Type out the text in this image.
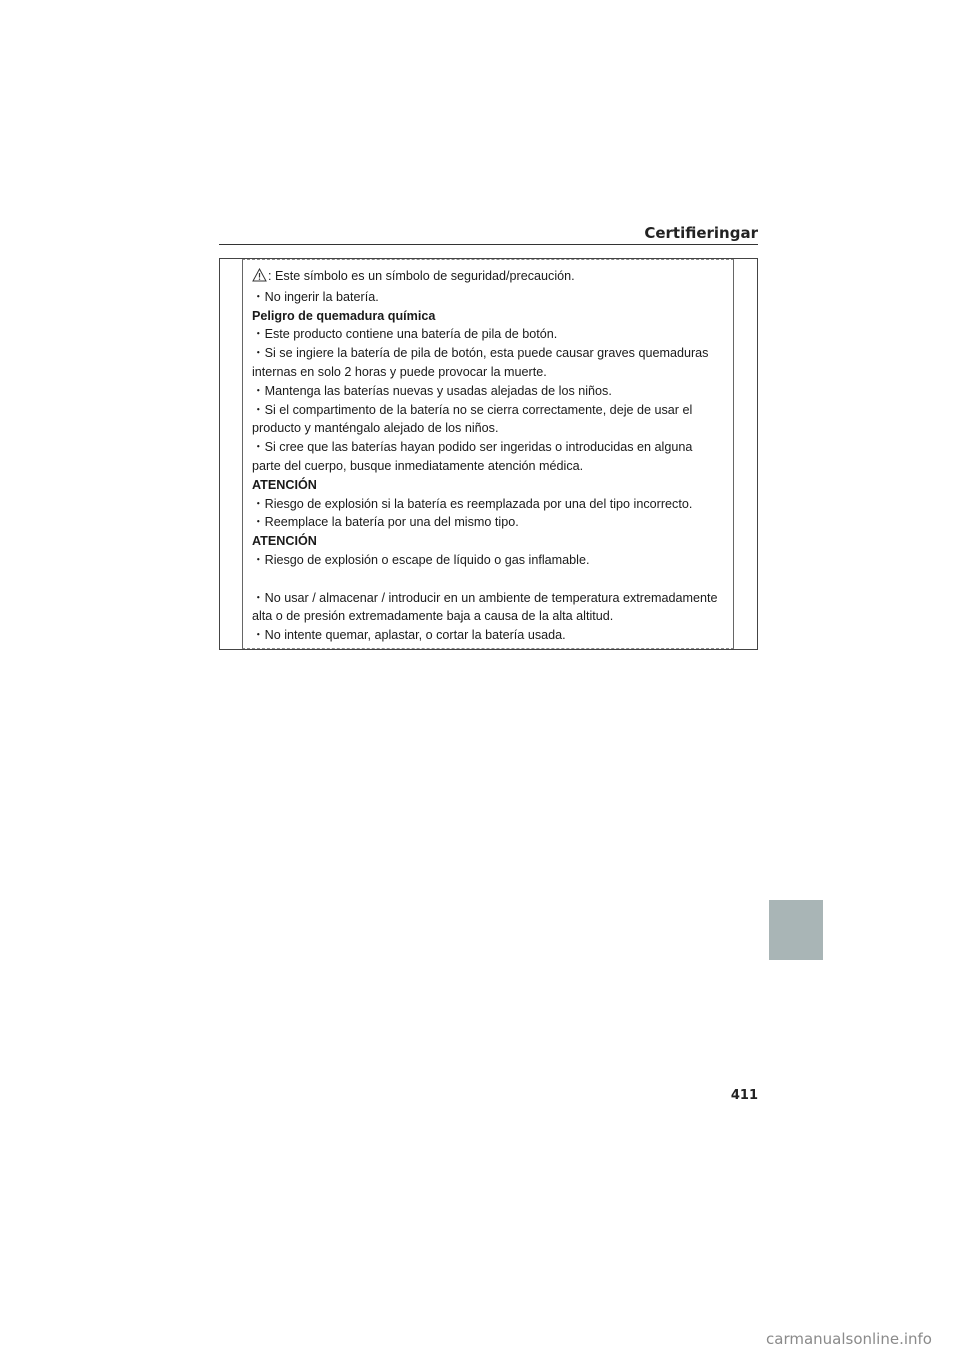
Certifieringar
: Este símbolo es un símbolo de seguridad/precaución.
・No ingerir la batería.
Peligro de quemadura química
・Este producto contiene una batería de pila de botón.
・Si se ingiere la batería de pila de botón, esta puede causar graves quemaduras
internas en solo 2 horas y puede provocar la muerte.
・Mantenga las baterías nuevas y usadas alejadas de los niños.
・Si el compartimento de la batería no se cierra correctamente, deje de usar el
producto y manténgalo alejado de los niños.
・Si cree que las baterías hayan podido ser ingeridas o introducidas en alguna
parte del cuerpo, busque inmediatamente atención médica.
ATENCIÓN
・Riesgo de explosión si la batería es reemplazada por una del tipo incorrecto.
・Reemplace la batería por una del mismo tipo.
ATENCIÓN
・Riesgo de explosión o escape de líquido o gas inflamable.
・No usar / almacenar / introducir en un ambiente de temperatura extremadamente
alta o de presión extremadamente baja a causa de la alta altitud.
・No intente quemar, aplastar, o cortar la batería usada.
411
carmanualsonline.info
